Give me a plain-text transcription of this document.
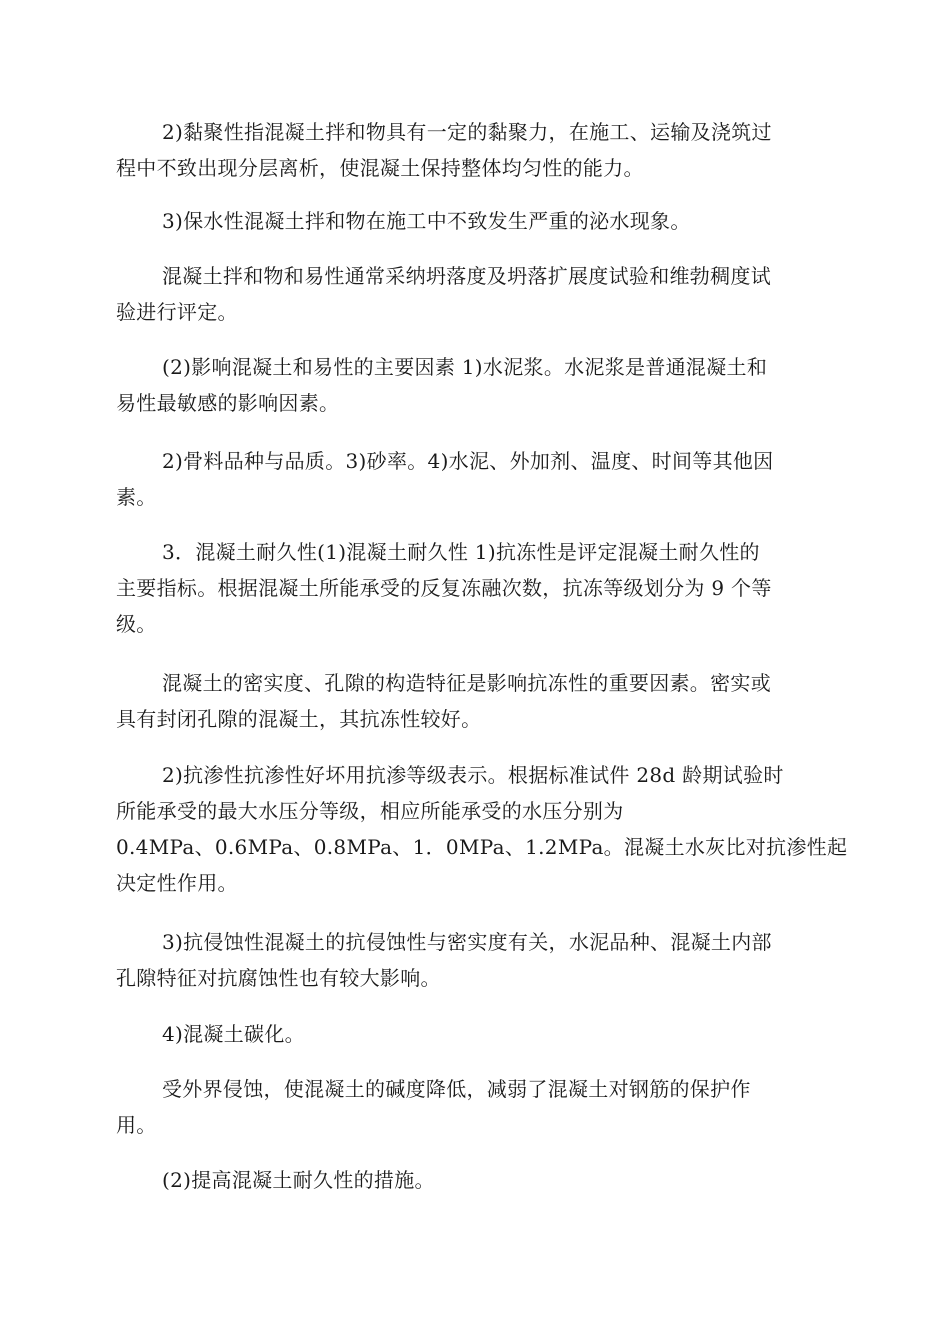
2)黏聚性指混凝土拌和物具有一定的黏聚力，在施工、运输及浇筑过
程中不致出现分层离析，使混凝土保持整体均匀性的能力。

3)保水性混凝土拌和物在施工中不致发生严重的泌水现象。

混凝土拌和物和易性通常采纳坍落度及坍落扩展度试验和维勃稠度试
验进行评定。

(2)影响混凝土和易性的主要因素 1)水泥浆。水泥浆是普通混凝土和
易性最敏感的影响因素。

2)骨料品种与品质。3)砂率。4)水泥、外加剂、温度、时间等其他因
素。

3．混凝土耐久性(1)混凝土耐久性 1)抗冻性是评定混凝土耐久性的
主要指标。根据混凝土所能承受的反复冻融次数，抗冻等级划分为 9 个等
级。

混凝土的密实度、孔隙的构造特征是影响抗冻性的重要因素。密实或
具有封闭孔隙的混凝土，其抗冻性较好。

2)抗渗性抗渗性好坏用抗渗等级表示。根据标准试件 28d 龄期试验时
所能承受的最大水压分等级，相应所能承受的水压分别为
0.4MPa、0.6MPa、0.8MPa、1．0MPa、1.2MPa。混凝土水灰比对抗渗性起
决定性作用。

3)抗侵蚀性混凝土的抗侵蚀性与密实度有关，水泥品种、混凝土内部
孔隙特征对抗腐蚀性也有较大影响。

4)混凝土碳化。

受外界侵蚀，使混凝土的碱度降低，减弱了混凝土对钢筋的保护作
用。

(2)提高混凝土耐久性的措施。
